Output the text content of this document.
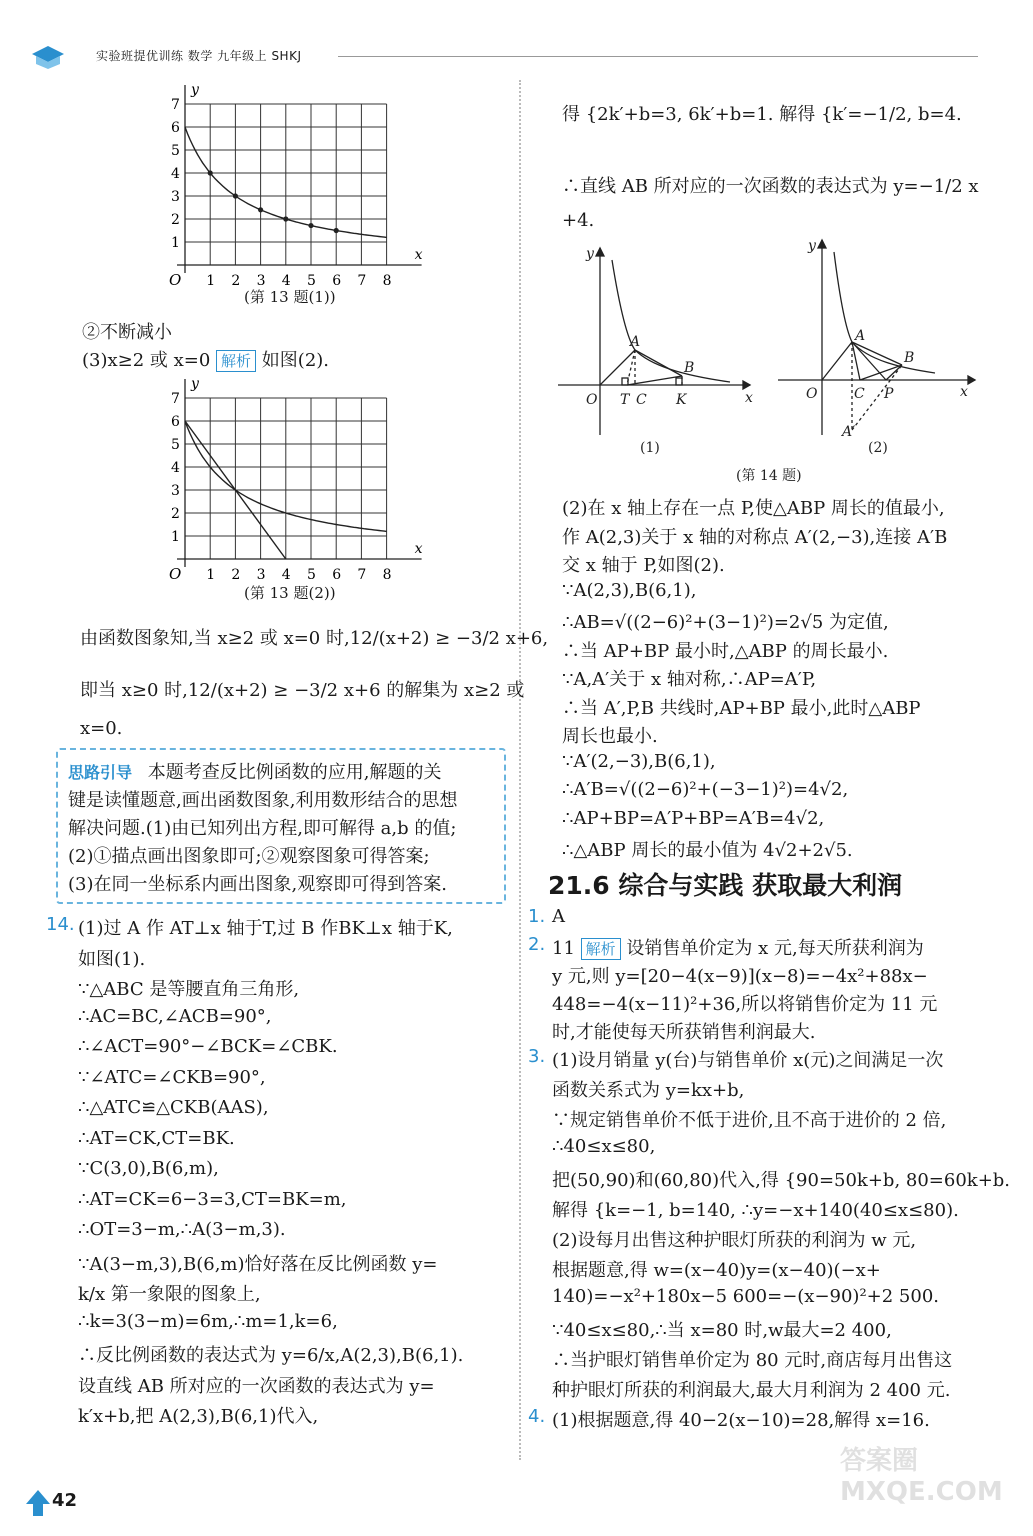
实验班提优训练 数学 九年级上 SHKJ
1
2
3
4
5
6
7
1 2 3 4 5 6 7 8
O
y
x
(第 13 题(1))
②不断减小
(3)x≥2 或 x=0 解析 如图(2).
1
2
3
4
5
6
7
1 2 3 4 5 6 7 8
O
y
x
(第 13 题(2))
由函数图象知,当 x≥2 或 x=0 时,12/(x+2) ≥ −3/2 x+6,
即当 x≥0 时,12/(x+2) ≥ −3/2 x+6 的解集为 x≥2 或
x=0.
思路引导 本题考查反比例函数的应用,解题的关
键是读懂题意,画出函数图象,利用数形结合的思想
解决问题.(1)由已知列出方程,即可解得 a,b 的值;
(2)①描点画出图象即可;②观察图象可得答案;
(3)在同一坐标系内画出图象,观察即可得到答案.
14.
得 {2k′+b=3, 6k′+b=1. 解得 {k′=−1/2, b=4.
∴直线 AB 所对应的一次函数的表达式为 y=−1/2 x
+4.
y
x
O
A
B
T C K
(1)
y
x
O
A
B
C P
A′
(2)
(第 14 题)
21.6 综合与实践 获取最大利润
1. A
2. 11 解析 设销售单价定为 x 元,每天所获利润为
y 元,则 y=[20−4(x−9)](x−8)=−4x²+88x−
448=−4(x−11)²+36,所以将销售价定为 11 元
时,才能使每天所获销售利润最大.
3.
4. (1)根据题意,得 40−2(x−10)=28,解得 x=16.
42
答案圈 MXQE.COM
(1)过 A 作 AT⊥x 轴于T,过 B 作BK⊥x 轴于K,
如图(1).
∵△ABC 是等腰直角三角形,
∴AC=BC,∠ACB=90°,
∴∠ACT=90°−∠BCK=∠CBK.
∵∠ATC=∠CKB=90°,
∴△ATC≌△CKB(AAS),
∴AT=CK,CT=BK.
∵C(3,0),B(6,m),
∴AT=CK=6−3=3,CT=BK=m,
∴OT=3−m,∴A(3−m,3).
∵A(3−m,3),B(6,m)恰好落在反比例函数 y=
k/x 第一象限的图象上,
∴k=3(3−m)=6m,∴m=1,k=6,
∴反比例函数的表达式为 y=6/x,A(2,3),B(6,1).
设直线 AB 所对应的一次函数的表达式为 y=
k′x+b,把 A(2,3),B(6,1)代入,
(2)在 x 轴上存在一点 P,使△ABP 周长的值最小,
作 A(2,3)关于 x 轴的对称点 A′(2,−3),连接 A′B
交 x 轴于 P,如图(2).
∵A(2,3),B(6,1),
∴AB=√((2−6)²+(3−1)²)=2√5 为定值,
∴当 AP+BP 最小时,△ABP 的周长最小.
∵A,A′关于 x 轴对称,∴AP=A′P,
∴当 A′,P,B 共线时,AP+BP 最小,此时△ABP
周长也最小.
∵A′(2,−3),B(6,1),
∴A′B=√((2−6)²+(−3−1)²)=4√2,
∴AP+BP=A′P+BP=A′B=4√2,
∴△ABP 周长的最小值为 4√2+2√5.
(1)设月销量 y(台)与销售单价 x(元)之间满足一次
函数关系式为 y=kx+b,
∵规定销售单价不低于进价,且不高于进价的 2 倍,
∴40≤x≤80,
把(50,90)和(60,80)代入,得 {90=50k+b, 80=60k+b.
解得 {k=−1, b=140, ∴y=−x+140(40≤x≤80).
(2)设每月出售这种护眼灯所获的利润为 w 元,
根据题意,得 w=(x−40)y=(x−40)(−x+
140)=−x²+180x−5 600=−(x−90)²+2 500.
∵40≤x≤80,∴当 x=80 时,w最大=2 400,
∴当护眼灯销售单价定为 80 元时,商店每月出售这
种护眼灯所获的利润最大,最大月利润为 2 400 元.
